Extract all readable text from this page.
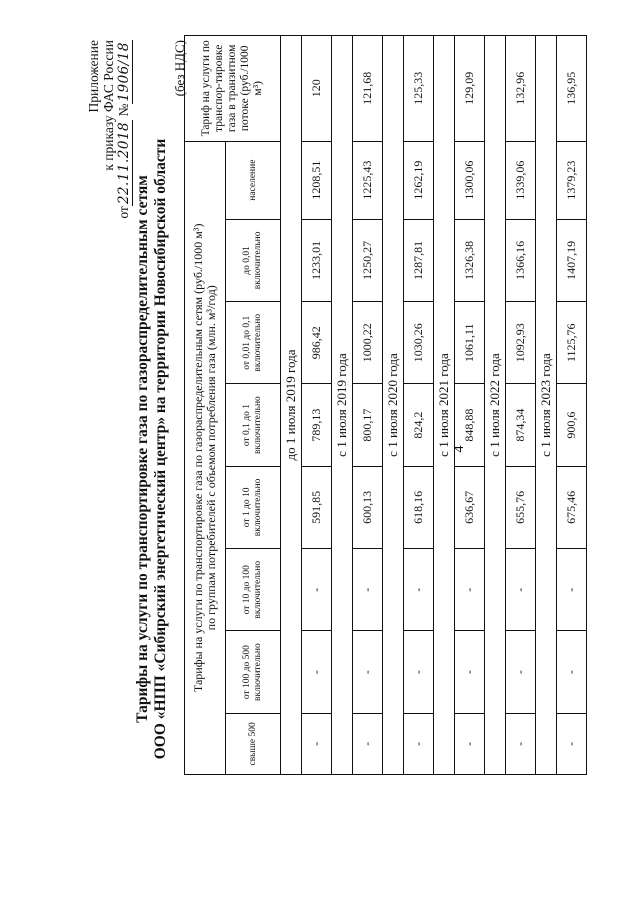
4
Приложение к приказу ФАС России
от22.11.2018 №1906/18
Тарифы на услуги по транспортировке газа по газораспределительным сетям ООО «НПП «Сибирский энергетический центр» на территории Новосибирской области
(без НДС)
Тарифы на услуги по транспортировке газа по газораспределительным сетям (руб./1000 м³) по группам потребителей с объемом потребления газа (млн. м³/год)								Тариф на услуги по транспор-тировке газа в транзитном потоке (руб./1000 м³)
свыше 500	от 100 до 500 включительно	от 10 до 100 включительно	от 1 до 10 включительно	от 0,1 до 1 включительно	от 0,01 до 0,1 включительно	до 0,01 включительно	население	
до 1 июля 2019 года								
-	-	-	591,85	789,13	986,42	1233,01	1208,51	120
с 1 июля 2019 года								
-	-	-	600,13	800,17	1000,22	1250,27	1225,43	121,68
с 1 июля 2020 года								
-	-	-	618,16	824,2	1030,26	1287,81	1262,19	125,33
с 1 июля 2021 года								
-	-	-	636,67	848,88	1061,11	1326,38	1300,06	129,09
с 1 июля 2022 года								
-	-	-	655,76	874,34	1092,93	1366,16	1339,06	132,96
с 1 июля 2023 года								
-	-	-	675,46	900,6	1125,76	1407,19	1379,23	136,95
